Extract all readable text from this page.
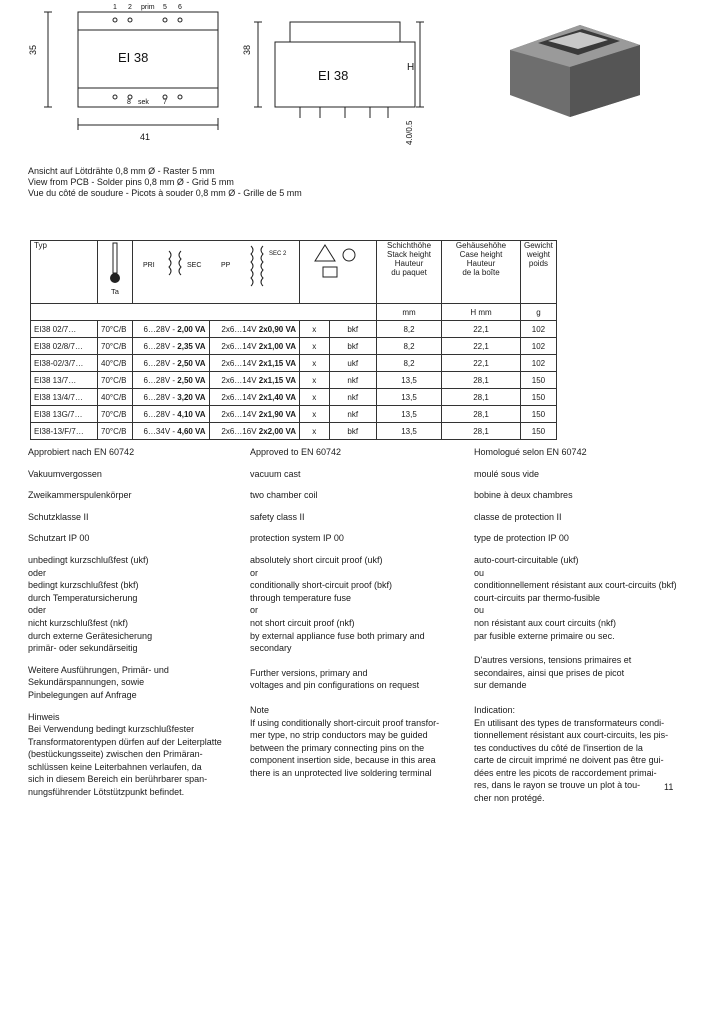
EI 38
EI 38
35	38
H
41	4.0/0.5
1 2 prim 5 6
8 sek 7
Ansicht auf Lötdrähte 0,8 mm Ø - Raster 5 mm
View from PCB - Solder pins 0,8 mm Ø - Grid 5 mm
Vue du côté de soudure - Picots à souder 0,8 mm Ø - Grille de 5 mm
Typ	Ta	PRI SEC PP
SEC 2				Schichthöhe
Stack height
Hauteur
du paquet	Gehäusehöhe
Case height
Hauteur
de la boîte	Gewicht
weight
poids
						mm	H mm	g
EI38 02/7…	70°C/B	6…28V - 2,00 VA	2x6…14V 2x0,90 VA	x	bkf	8,2	22,1	102
EI38 02/8/7…	70°C/B	6…28V - 2,35 VA	2x6…14V 2x1,00 VA	x	bkf	8,2	22,1	102
EI38-02/3/7…	40°C/B	6…28V - 2,50 VA	2x6…14V 2x1,15 VA	x	ukf	8,2	22,1	102
EI38 13/7…	70°C/B	6…28V - 2,50 VA	2x6…14V 2x1,15 VA	x	nkf	13,5	28,1	150
EI38 13/4/7…	40°C/B	6…28V - 3,20 VA	2x6…14V 2x1,40 VA	x	nkf	13,5	28,1	150
EI38 13G/7…	70°C/B	6…28V - 4,10 VA	2x6…14V 2x1,90 VA	x	nkf	13,5	28,1	150
EI38-13/F/7…	70°C/B	6…34V - 4,60 VA	2x6…16V 2x2,00 VA	x	bkf	13,5	28,1	150

Approbiert nach EN 60742

Vakuumvergossen

Zweikammerspulenkörper

Schutzklasse II

Schutzart IP 00

unbedingt kurzschlußfest (ukf)

oder

bedingt kurzschlußfest (bkf)

durch Temperatursicherung

oder

nicht kurzschlußfest (nkf)

durch externe Gerätesicherung

primär- oder sekundärseitig

Weitere Ausführungen, Primär- und

Sekundärspannungen, sowie

Pinbelegungen auf Anfrage

Hinweis

Bei Verwendung bedingt kurzschlußfester

Transformatorentypen dürfen auf der Leiterplatte

(bestückungsseite) zwischen den Primäran-

schlüssen keine Leiterbahnen verlaufen, da

sich in diesem Bereich ein berührbarer span-

nungsführender Lötstützpunkt befindet.

Approved to EN 60742

vacuum cast

two chamber coil

safety class II

protection system IP 00

absolutely short circuit proof (ukf)

or

conditionally short-circuit proof (bkf)

through temperature fuse

or

not short circuit proof (nkf)

by external appliance fuse both primary and

secondary

Further versions, primary and

voltages and pin configurations on request

Note

If using conditionally short-circuit proof transfor-

mer type, no strip conductors may be guided

between the primary connecting pins on the

component insertion side, because in this area

there is an unprotected live soldering terminal

Homologué selon EN 60742

moulé sous vide

bobine à deux chambres

classe de protection II

type de protection IP 00

auto-court-circuitable (ukf)

ou

conditionnellement résistant aux court-circuits (bkf)

court-circuits par thermo-fusible

ou

non résistant aux court circuits (nkf)

par fusible externe primaire ou sec.

D'autres versions, tensions primaires et

secondaires, ainsi que prises de picot

sur demande

Indication:

En utilisant des types de transformateurs condi-

tionnellement résistant aux court-circuits, les pis-

tes conductives du côté de l'insertion de la

carte de circuit imprimé ne doivent pas être gui-

dées entre les picots de raccordement primai-

res, dans le rayon se trouve un plot à tou-

cher non protégé.

11
